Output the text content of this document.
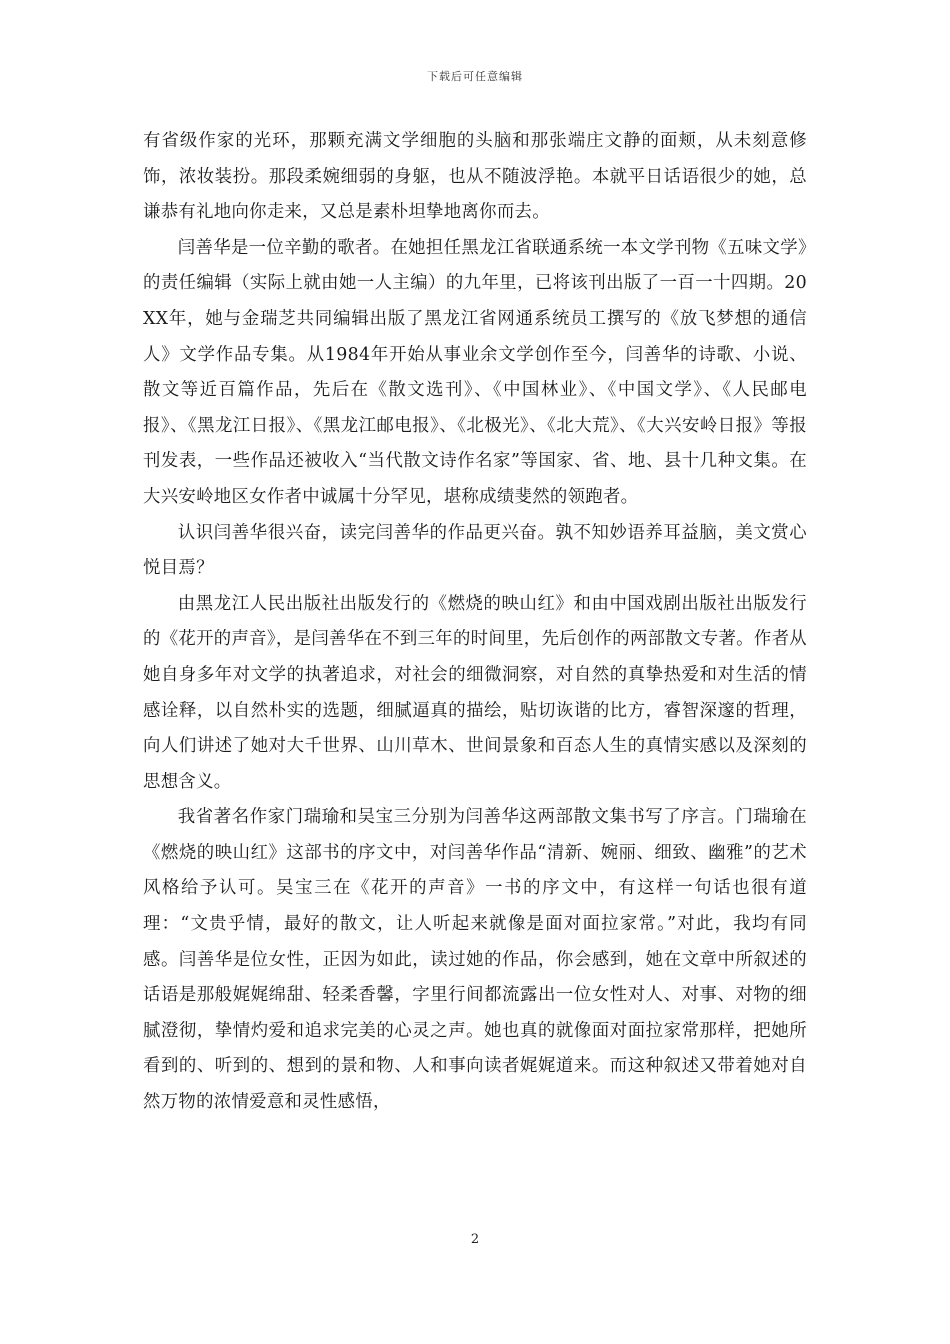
下载后可任意编辑

有省级作家的光环，那颗充满文学细胞的头脑和那张端庄文静的面颊，从未刻意修饰，浓妆装扮。那段柔婉细弱的身躯，也从不随波浮艳。本就平日话语很少的她，总谦恭有礼地向你走来，又总是素朴坦挚地离你而去。

闫善华是一位辛勤的歌者。在她担任黑龙江省联通系统一本文学刊物《五味文学》的责任编辑（实际上就由她一人主编）的九年里，已将该刊出版了一百一十四期。20XX年，她与金瑞芝共同编辑出版了黑龙江省网通系统员工撰写的《放飞梦想的通信人》文学作品专集。从1984年开始从事业余文学创作至今，闫善华的诗歌、小说、散文等近百篇作品，先后在《散文选刊》、《中国林业》、《中国文学》、《人民邮电报》、《黑龙江日报》、《黑龙江邮电报》、《北极光》、《北大荒》、《大兴安岭日报》等报刊发表，一些作品还被收入“当代散文诗作名家”等国家、省、地、县十几种文集。在大兴安岭地区女作者中诚属十分罕见，堪称成绩斐然的领跑者。

认识闫善华很兴奋，读完闫善华的作品更兴奋。孰不知妙语养耳益脑，美文赏心悦目焉？

由黑龙江人民出版社出版发行的《燃烧的映山红》和由中国戏剧出版社出版发行的《花开的声音》，是闫善华在不到三年的时间里，先后创作的两部散文专著。作者从她自身多年对文学的执著追求，对社会的细微洞察，对自然的真挚热爱和对生活的情感诠释，以自然朴实的选题，细腻逼真的描绘，贴切诙谐的比方，睿智深邃的哲理，向人们讲述了她对大千世界、山川草木、世间景象和百态人生的真情实感以及深刻的思想含义。

我省著名作家门瑞瑜和吴宝三分别为闫善华这两部散文集书写了序言。门瑞瑜在《燃烧的映山红》这部书的序文中，对闫善华作品“清新、婉丽、细致、幽雅”的艺术风格给予认可。吴宝三在《花开的声音》一书的序文中，有这样一句话也很有道理：“文贵乎情，最好的散文，让人听起来就像是面对面拉家常。”对此，我均有同感。闫善华是位女性，正因为如此，读过她的作品，你会感到，她在文章中所叙述的话语是那般娓娓绵甜、轻柔香馨，字里行间都流露出一位女性对人、对事、对物的细腻澄彻，挚情灼爱和追求完美的心灵之声。她也真的就像面对面拉家常那样，把她所看到的、听到的、想到的景和物、人和事向读者娓娓道来。而这种叙述又带着她对自然万物的浓情爱意和灵性感悟，

2
